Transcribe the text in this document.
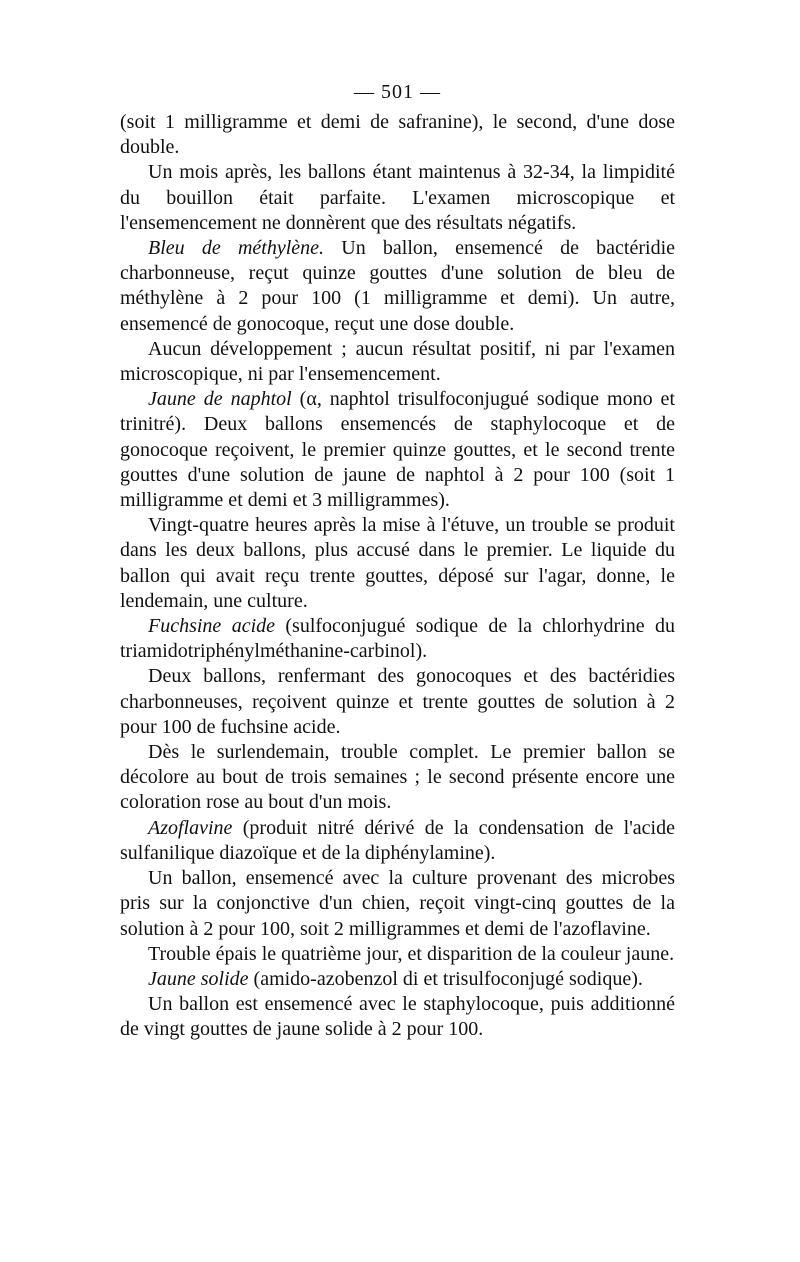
— 501 —

(soit 1 milligramme et demi de safranine), le second, d'une dose double.

Un mois après, les ballons étant maintenus à 32-34, la limpidité du bouillon était parfaite. L'examen microscopique et l'ensemencement ne donnèrent que des résultats négatifs.

Bleu de méthylène. Un ballon, ensemencé de bactéridie charbonneuse, reçut quinze gouttes d'une solution de bleu de méthylène à 2 pour 100 (1 milligramme et demi). Un autre, ensemencé de gonocoque, reçut une dose double.

Aucun développement ; aucun résultat positif, ni par l'examen microscopique, ni par l'ensemencement.

Jaune de naphtol (α, naphtol trisulfoconjugué sodique mono et trinitré). Deux ballons ensemencés de staphylocoque et de gonocoque reçoivent, le premier quinze gouttes, et le second trente gouttes d'une solution de jaune de naphtol à 2 pour 100 (soit 1 milligramme et demi et 3 milligrammes).

Vingt-quatre heures après la mise à l'étuve, un trouble se produit dans les deux ballons, plus accusé dans le premier. Le liquide du ballon qui avait reçu trente gouttes, déposé sur l'agar, donne, le lendemain, une culture.

Fuchsine acide (sulfoconjugué sodique de la chlorhydrine du triamidotriphénylméthanine-carbinol).

Deux ballons, renfermant des gonocoques et des bactéridies charbonneuses, reçoivent quinze et trente gouttes de solution à 2 pour 100 de fuchsine acide.

Dès le surlendemain, trouble complet. Le premier ballon se décolore au bout de trois semaines ; le second présente encore une coloration rose au bout d'un mois.

Azoflavine (produit nitré dérivé de la condensation de l'acide sulfanilique diazoïque et de la diphénylamine).

Un ballon, ensemencé avec la culture provenant des microbes pris sur la conjonctive d'un chien, reçoit vingt-cinq gouttes de la solution à 2 pour 100, soit 2 milligrammes et demi de l'azoflavine.

Trouble épais le quatrième jour, et disparition de la couleur jaune.

Jaune solide (amido-azobenzol di et trisulfoconjugé sodique).

Un ballon est ensemencé avec le staphylocoque, puis additionné de vingt gouttes de jaune solide à 2 pour 100.
